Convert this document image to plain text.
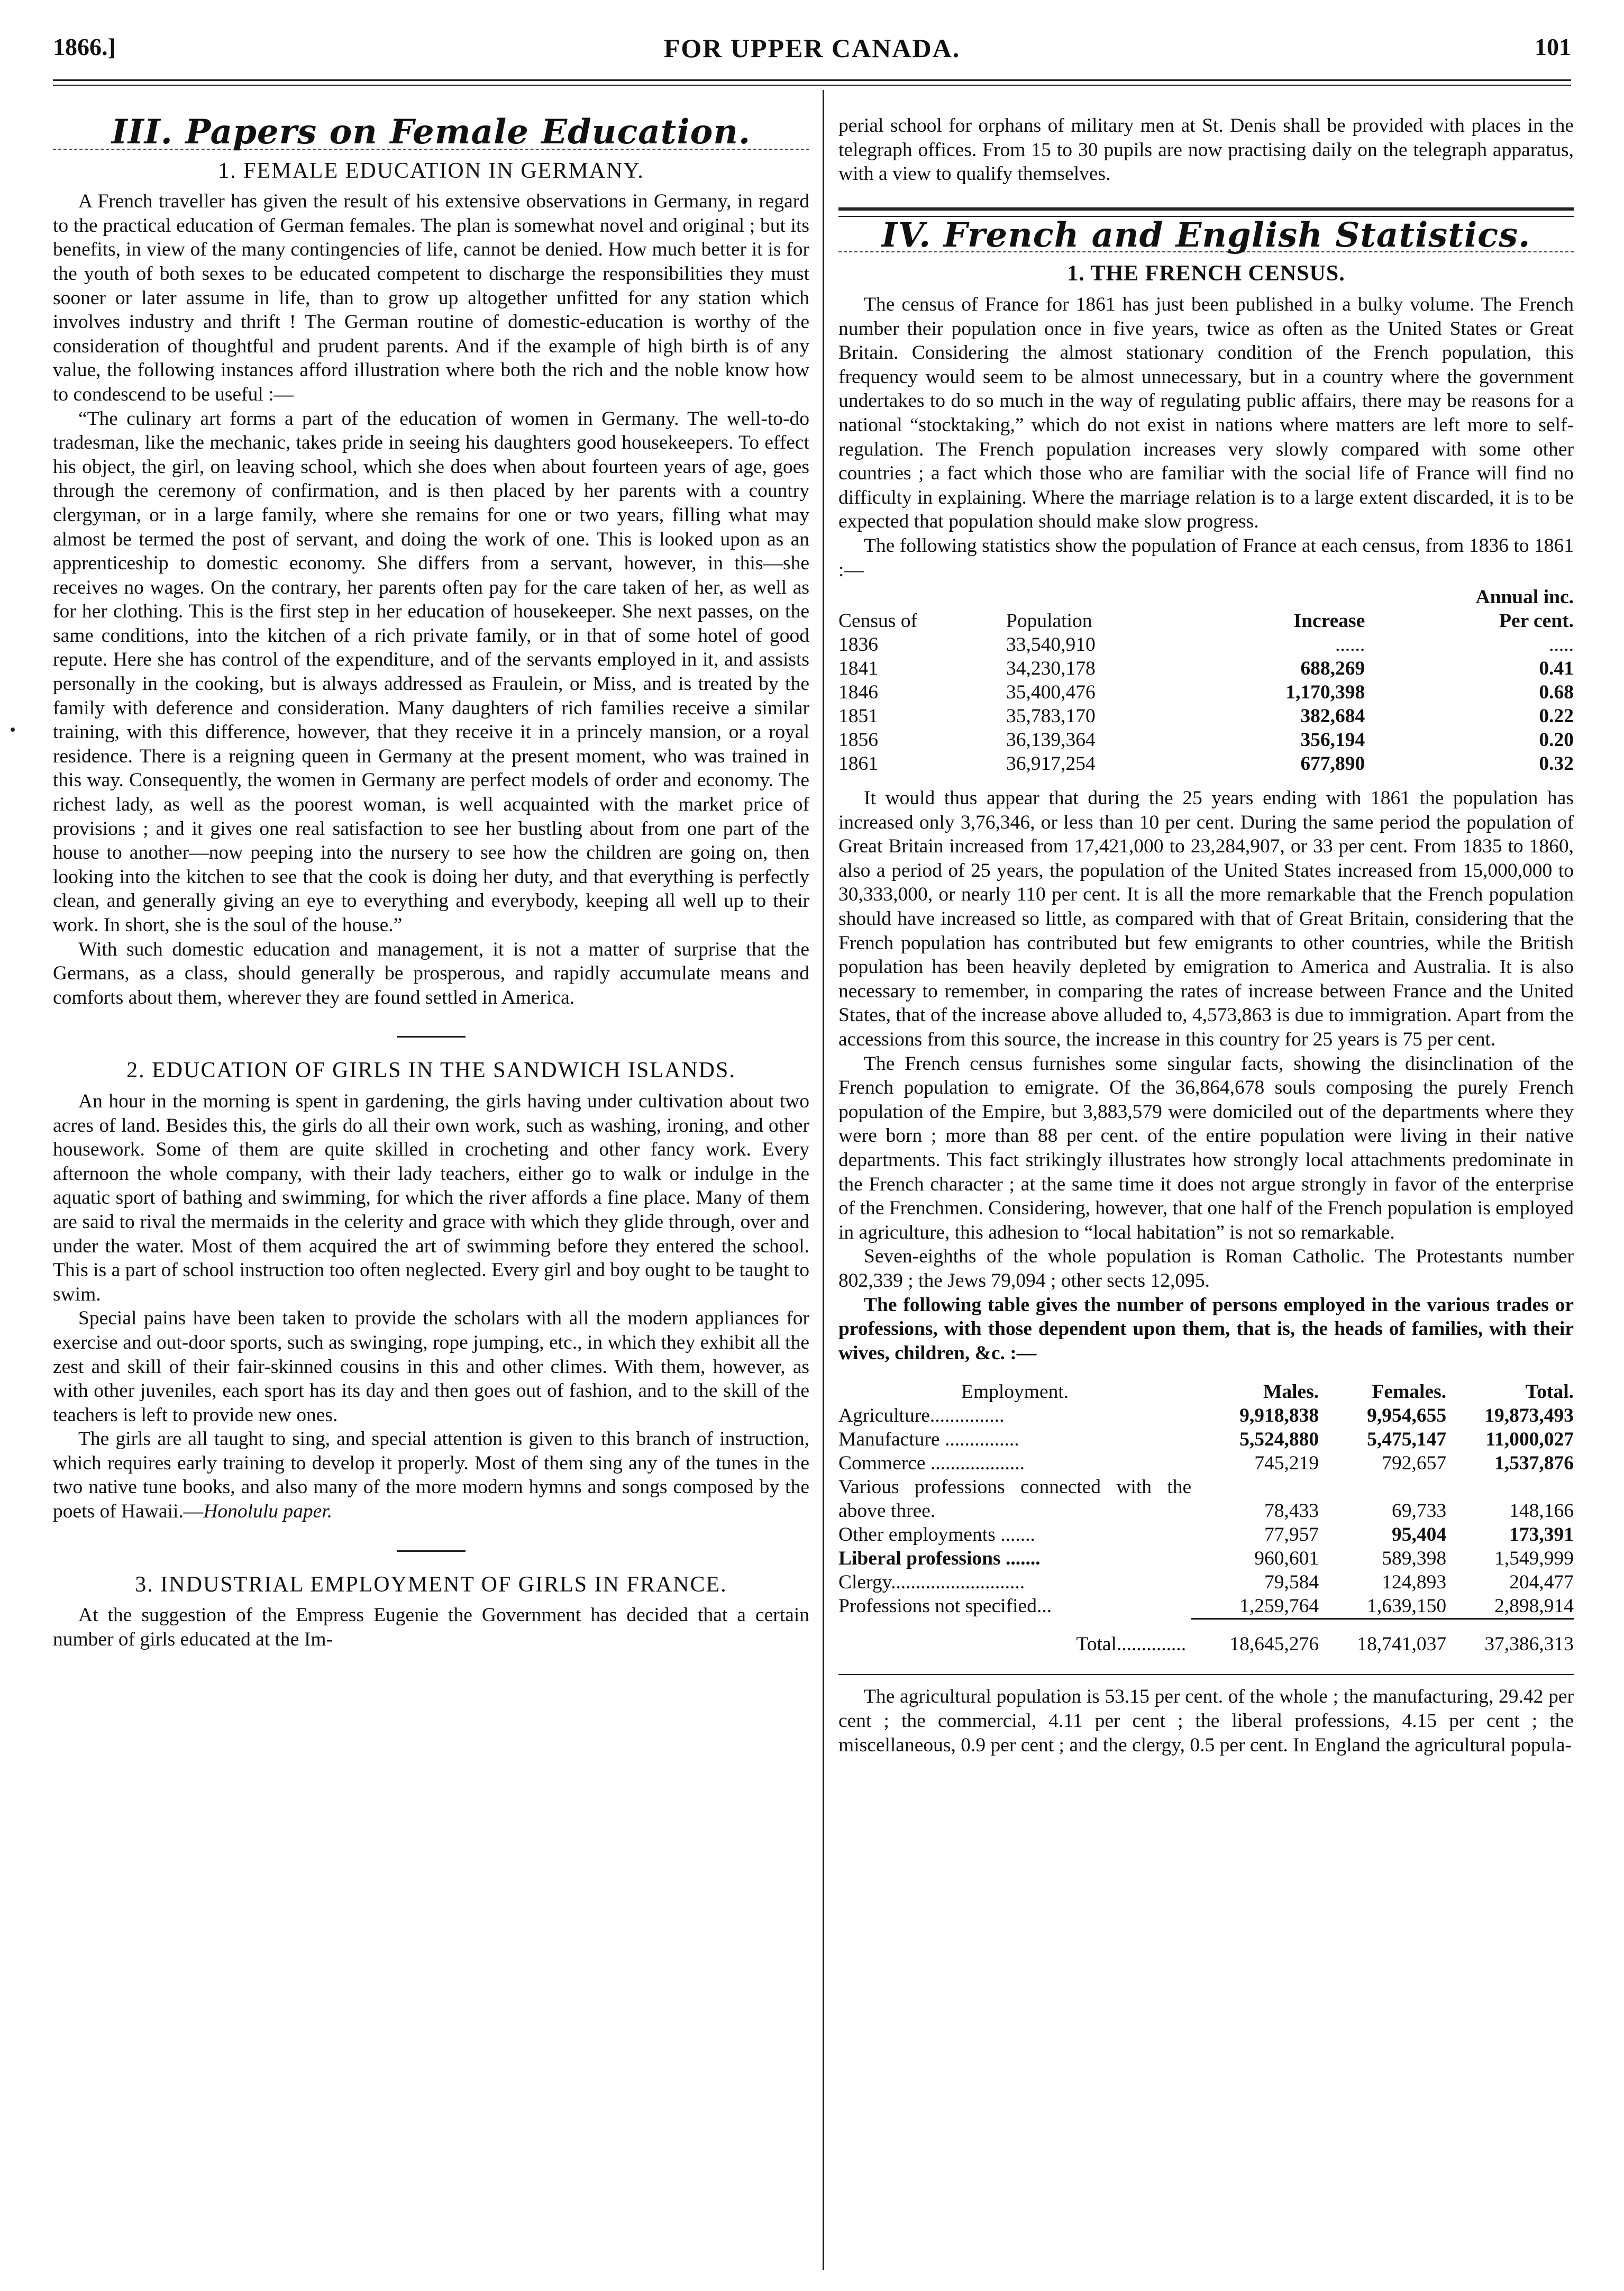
1866.]	FOR UPPER CANADA.	101
III. Papers on Female Education.
1. FEMALE EDUCATION IN GERMANY.

A French traveller has given the result of his extensive observations in Germany, in regard to the practical education of German females. The plan is somewhat novel and original ; but its benefits, in view of the many contingencies of life, cannot be denied. How much better it is for the youth of both sexes to be educated competent to discharge the responsibilities they must sooner or later assume in life, than to grow up altogether unfitted for any station which involves industry and thrift ! The German routine of domestic-education is worthy of the consideration of thoughtful and prudent parents. And if the example of high birth is of any value, the following instances afford illustration where both the rich and the noble know how to condescend to be useful :—

“The culinary art forms a part of the education of women in Germany. The well-to-do tradesman, like the mechanic, takes pride in seeing his daughters good housekeepers. To effect his object, the girl, on leaving school, which she does when about fourteen years of age, goes through the ceremony of confirmation, and is then placed by her parents with a country clergyman, or in a large family, where she remains for one or two years, filling what may almost be termed the post of servant, and doing the work of one. This is looked upon as an apprenticeship to domestic economy. She differs from a servant, however, in this—she receives no wages. On the contrary, her parents often pay for the care taken of her, as well as for her clothing. This is the first step in her education of housekeeper. She next passes, on the same conditions, into the kitchen of a rich private family, or in that of some hotel of good repute. Here she has control of the expenditure, and of the servants employed in it, and assists personally in the cooking, but is always addressed as Fraulein, or Miss, and is treated by the family with deference and consideration. Many daughters of rich families receive a similar training, with this difference, however, that they receive it in a princely mansion, or a royal residence. There is a reigning queen in Germany at the present moment, who was trained in this way. Consequently, the women in Germany are perfect models of order and economy. The richest lady, as well as the poorest woman, is well acquainted with the market price of provisions ; and it gives one real satisfaction to see her bustling about from one part of the house to another—now peeping into the nursery to see how the children are going on, then looking into the kitchen to see that the cook is doing her duty, and that everything is perfectly clean, and generally giving an eye to everything and everybody, keeping all well up to their work. In short, she is the soul of the house.”

With such domestic education and management, it is not a matter of surprise that the Germans, as a class, should generally be prosperous, and rapidly accumulate means and comforts about them, wherever they are found settled in America.

2. EDUCATION OF GIRLS IN THE SANDWICH ISLANDS.

An hour in the morning is spent in gardening, the girls having under cultivation about two acres of land. Besides this, the girls do all their own work, such as washing, ironing, and other housework. Some of them are quite skilled in crocheting and other fancy work. Every afternoon the whole company, with their lady teachers, either go to walk or indulge in the aquatic sport of bathing and swimming, for which the river affords a fine place. Many of them are said to rival the mermaids in the celerity and grace with which they glide through, over and under the water. Most of them acquired the art of swimming before they entered the school. This is a part of school instruction too often neglected. Every girl and boy ought to be taught to swim.

Special pains have been taken to provide the scholars with all the modern appliances for exercise and out-door sports, such as swinging, rope jumping, etc., in which they exhibit all the zest and skill of their fair-skinned cousins in this and other climes. With them, however, as with other juveniles, each sport has its day and then goes out of fashion, and to the skill of the teachers is left to provide new ones.

The girls are all taught to sing, and special attention is given to this branch of instruction, which requires early training to develop it properly. Most of them sing any of the tunes in the two native tune books, and also many of the more modern hymns and songs composed by the poets of Hawaii.—Honolulu paper.

3. INDUSTRIAL EMPLOYMENT OF GIRLS IN FRANCE.

At the suggestion of the Empress Eugenie the Government has decided that a certain number of girls educated at the Im-

perial school for orphans of military men at St. Denis shall be provided with places in the telegraph offices. From 15 to 30 pupils are now practising daily on the telegraph apparatus, with a view to qualify themselves.

IV. French and English Statistics.
1. THE FRENCH CENSUS.

The census of France for 1861 has just been published in a bulky volume. The French number their population once in five years, twice as often as the United States or Great Britain. Considering the almost stationary condition of the French population, this frequency would seem to be almost unnecessary, but in a country where the government undertakes to do so much in the way of regulating public affairs, there may be reasons for a national “stocktaking,” which do not exist in nations where matters are left more to self-regulation. The French population increases very slowly compared with some other countries ; a fact which those who are familiar with the social life of France will find no difficulty in explaining. Where the marriage relation is to a large extent discarded, it is to be expected that population should make slow progress.

The following statistics show the population of France at each census, from 1836 to 1861 :—

			Annual inc.
Census of	Population	Increase	Per cent.
1836	33,540,910	......	.....
1841	34,230,178	688,269	0.41
1846	35,400,476	1,170,398	0.68
1851	35,783,170	382,684	0.22
1856	36,139,364	356,194	0.20
1861	36,917,254	677,890	0.32

It would thus appear that during the 25 years ending with 1861 the population has increased only 3,76,346, or less than 10 per cent. During the same period the population of Great Britain increased from 17,421,000 to 23,284,907, or 33 per cent. From 1835 to 1860, also a period of 25 years, the population of the United States increased from 15,000,000 to 30,333,000, or nearly 110 per cent. It is all the more remarkable that the French population should have increased so little, as compared with that of Great Britain, considering that the French population has contributed but few emigrants to other countries, while the British population has been heavily depleted by emigration to America and Australia. It is also necessary to remember, in comparing the rates of increase between France and the United States, that of the increase above alluded to, 4,573,863 is due to immigration. Apart from the accessions from this source, the increase in this country for 25 years is 75 per cent.

The French census furnishes some singular facts, showing the disinclination of the French population to emigrate. Of the 36,864,678 souls composing the purely French population of the Empire, but 3,883,579 were domiciled out of the departments where they were born ; more than 88 per cent. of the entire population were living in their native departments. This fact strikingly illustrates how strongly local attachments predominate in the French character ; at the same time it does not argue strongly in favor of the enterprise of the Frenchmen. Considering, however, that one half of the French population is employed in agriculture, this adhesion to “local habitation” is not so remarkable.

Seven-eighths of the whole population is Roman Catholic. The Protestants number 802,339 ; the Jews 79,094 ; other sects 12,095.

The following table gives the number of persons employed in the various trades or professions, with those dependent upon them, that is, the heads of families, with their wives, children, &c. :—

Employment.	Males.	Females.	Total.
Agriculture...............	9,918,838	9,954,655	19,873,493
Manufacture ...............	5,524,880	5,475,147	11,000,027
Commerce ...................	745,219	792,657	1,537,876
Various professions connected with the above three.	78,433	69,733	148,166
Other employments .......	77,957	95,404	173,391
Liberal professions .......	960,601	589,398	1,549,999
Clergy...........................	79,584	124,893	204,477
Professions not specified...	1,259,764	1,639,150	2,898,914

Total..............	18,645,276	18,741,037	37,386,313

The agricultural population is 53.15 per cent. of the whole ; the manufacturing, 29.42 per cent ; the commercial, 4.11 per cent ; the liberal professions, 4.15 per cent ; the miscellaneous, 0.9 per cent ; and the clergy, 0.5 per cent. In England the agricultural popula-
